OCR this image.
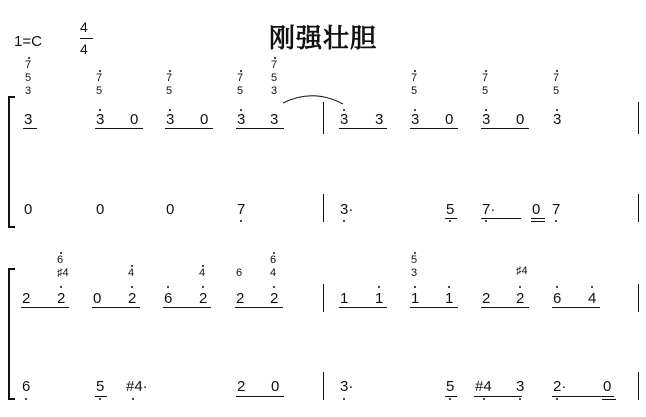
1=C
4
4	刚强壮胆
7
5
3
3
7
5
3 0
7
5
3 0
7
5
3
7
5
3
3	3 3
7
5
3 0
7
5
3 0
7
5
3
0	0	0	7	3·	5 7· 0 7
2
6
♯4
2 0
4
2 6
4
2
6
2
6
4
2	1 1
5
3
1 1 2
♯4
2 6 4
6	5 #4·	2 0	3·	5 #4 3 2· 0
